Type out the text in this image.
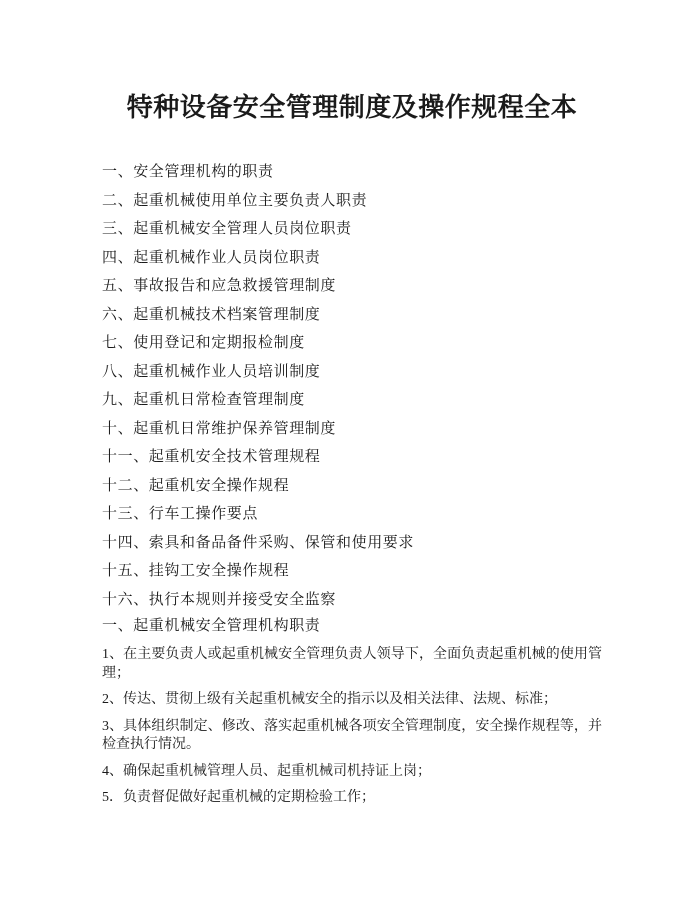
特种设备安全管理制度及操作规程全本
一、安全管理机构的职责
二、起重机械使用单位主要负责人职责
三、起重机械安全管理人员岗位职责
四、起重机械作业人员岗位职责
五、事故报告和应急救援管理制度
六、起重机械技术档案管理制度
七、使用登记和定期报检制度
八、起重机械作业人员培训制度
九、起重机日常检查管理制度
十、起重机日常维护保养管理制度
十一、起重机安全技术管理规程
十二、起重机安全操作规程
十三、行车工操作要点
十四、索具和备品备件采购、保管和使用要求
十五、挂钩工安全操作规程
十六、执行本规则并接受安全监察
一、起重机械安全管理机构职责

1、在主要负责人或起重机械安全管理负责人领导下，全面负责起重机械的使用管理；

2、传达、贯彻上级有关起重机械安全的指示以及相关法律、法规、标准；

3、具体组织制定、修改、落实起重机械各项安全管理制度，安全操作规程等，并检查执行情况。

4、确保起重机械管理人员、起重机械司机持证上岗；

5．负责督促做好起重机械的定期检验工作；
